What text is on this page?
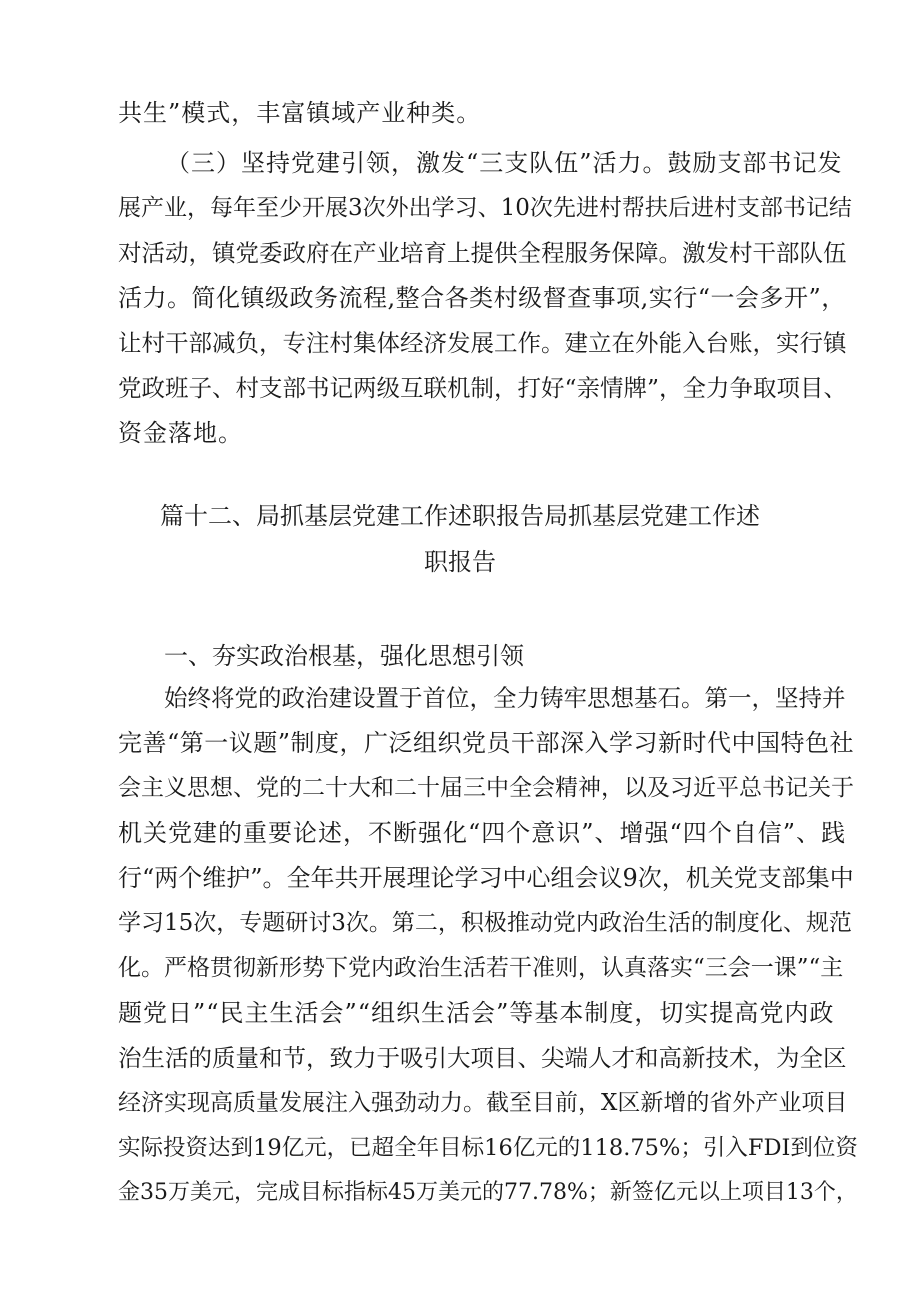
共生”模式，丰富镇域产业种类。
（三）坚持党建引领，激发“三支队伍”活力。鼓励支部书记发
展产业，每年至少开展3次外出学习、10次先进村帮扶后进村支部书记结
对活动，镇党委政府在产业培育上提供全程服务保障。激发村干部队伍
活力。简化镇级政务流程,整合各类村级督查事项,实行“一会多开”，
让村干部减负，专注村集体经济发展工作。建立在外能入台账，实行镇
党政班子、村支部书记两级互联机制，打好“亲情牌”，全力争取项目、
资金落地。
篇十二、局抓基层党建工作述职报告局抓基层党建工作述
职报告
一、夯实政治根基，强化思想引领
始终将党的政治建设置于首位，全力铸牢思想基石。第一，坚持并
完善“第一议题”制度，广泛组织党员干部深入学习新时代中国特色社
会主义思想、党的二十大和二十届三中全会精神，以及习近平总书记关于
机关党建的重要论述，不断强化“四个意识”、增强“四个自信”、践
行“两个维护”。全年共开展理论学习中心组会议9次，机关党支部集中
学习15次，专题研讨3次。第二，积极推动党内政治生活的制度化、规范
化。严格贯彻新形势下党内政治生活若干准则，认真落实“三会一课”“主
题党日”“民主生活会”“组织生活会”等基本制度，切实提高党内政
治生活的质量和节，致力于吸引大项目、尖端人才和高新技术，为全区
经济实现高质量发展注入强劲动力。截至目前，X区新增的省外产业项目
实际投资达到19亿元，已超全年目标16亿元的118.75%；引入FDI到位资
金35万美元，完成目标指标45万美元的77.78%；新签亿元以上项目13个，
